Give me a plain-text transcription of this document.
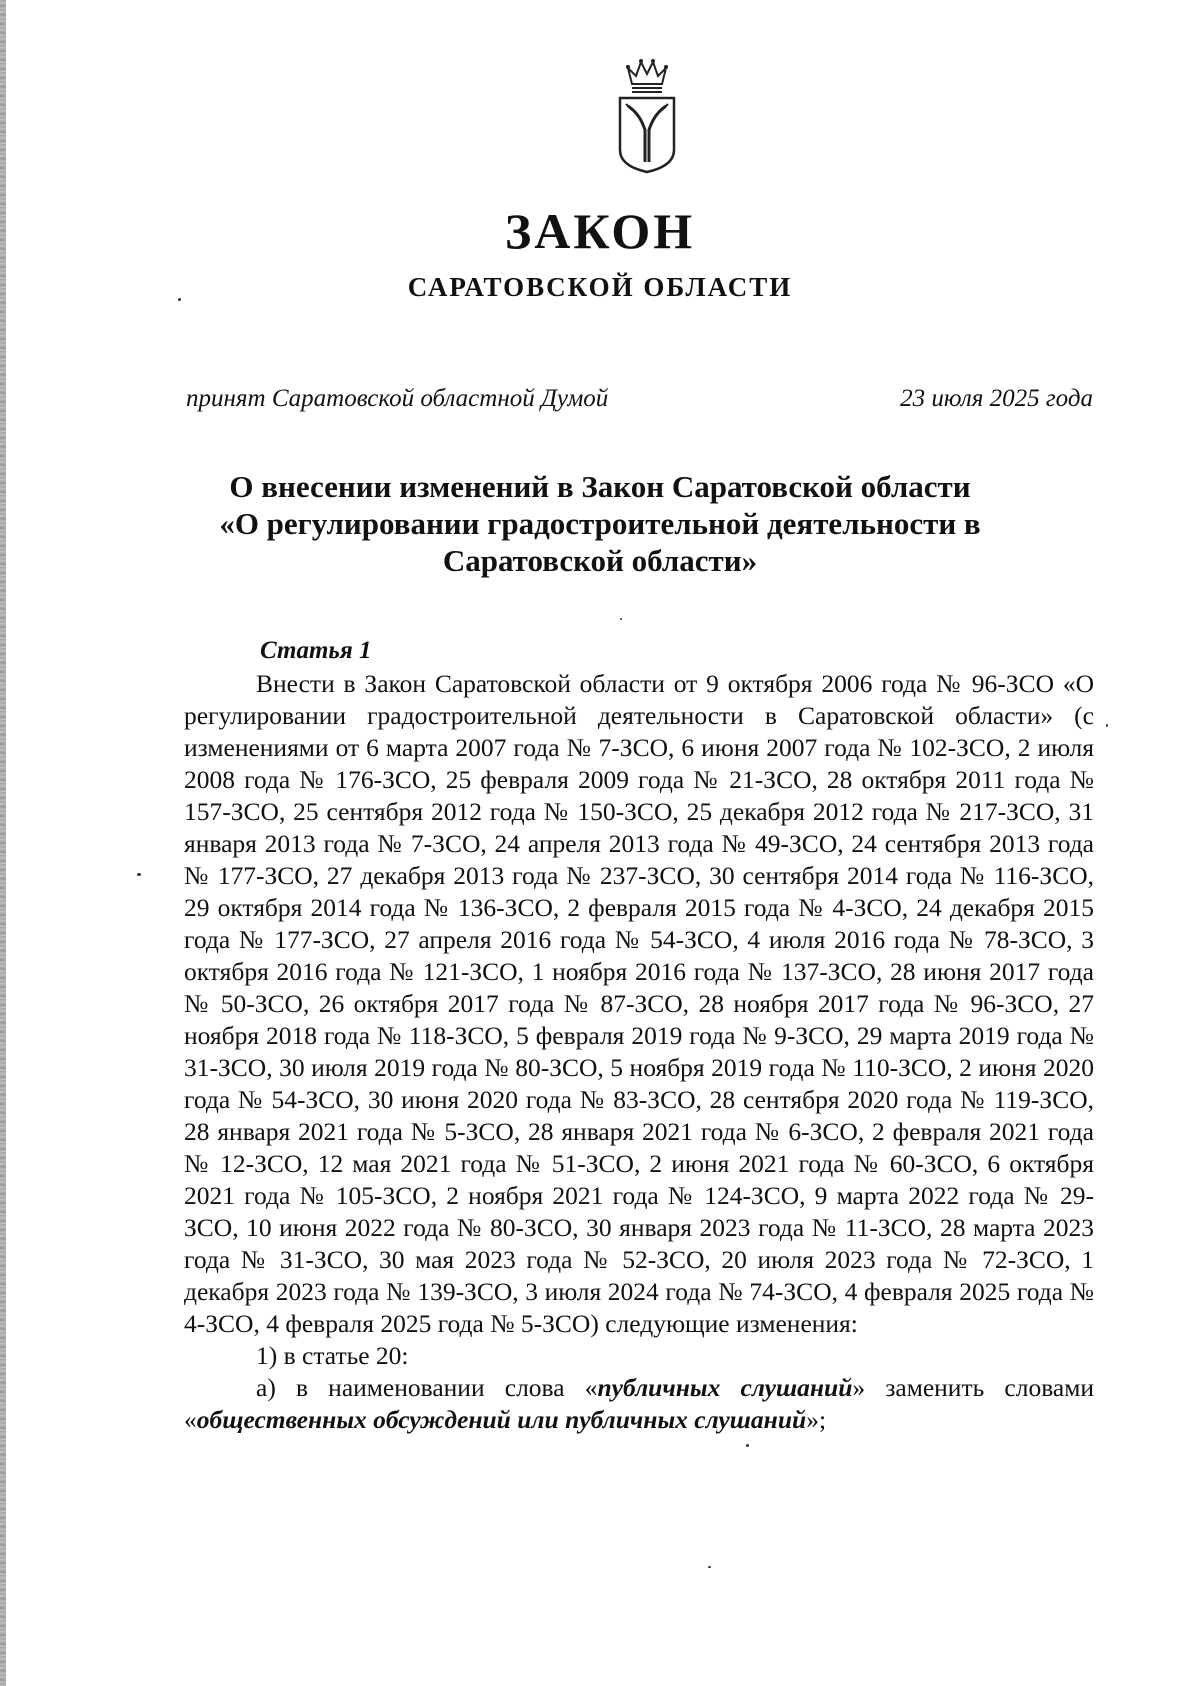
ЗАКОН
САРАТОВСКОЙ ОБЛАСТИ
принят Саратовской областной Думой	23 июля 2025 года
О внесении изменений в Закон Саратовской области
«О регулировании градостроительной деятельности в
Саратовской области»
Статья 1

Внести в Закон Саратовской области от 9 октября 2006 года № 96-ЗСО «О регулировании градостроительной деятельности в Саратовской области» (с изменениями от 6 марта 2007 года № 7-ЗСО, 6 июня 2007 года № 102-ЗСО, 2 июля 2008 года № 176-ЗСО, 25 февраля 2009 года № 21-ЗСО, 28 октября 2011 года № 157-ЗСО, 25 сентября 2012 года № 150-ЗСО, 25 декабря 2012 года № 217-ЗСО, 31 января 2013 года № 7-ЗСО, 24 апреля 2013 года № 49-ЗСО, 24 сентября 2013 года № 177-ЗСО, 27 декабря 2013 года № 237-ЗСО, 30 сентября 2014 года № 116-ЗСО, 29 октября 2014 года № 136-ЗСО, 2 февраля 2015 года № 4-ЗСО, 24 декабря 2015 года № 177-ЗСО, 27 апреля 2016 года № 54-ЗСО, 4 июля 2016 года № 78-ЗСО, 3 октября 2016 года № 121-ЗСО, 1 ноября 2016 года № 137-ЗСО, 28 июня 2017 года № 50-ЗСО, 26 октября 2017 года № 87-ЗСО, 28 ноября 2017 года № 96-ЗСО, 27 ноября 2018 года № 118-ЗСО, 5 февраля 2019 года № 9-ЗСО, 29 марта 2019 года № 31-ЗСО, 30 июля 2019 года № 80-ЗСО, 5 ноября 2019 года № 110-ЗСО, 2 июня 2020 года № 54-ЗСО, 30 июня 2020 года № 83-ЗСО, 28 сентября 2020 года № 119-ЗСО, 28 января 2021 года № 5-ЗСО, 28 января 2021 года № 6-ЗСО, 2 февраля 2021 года № 12-ЗСО, 12 мая 2021 года № 51-ЗСО, 2 июня 2021 года № 60-ЗСО, 6 октября 2021 года № 105-ЗСО, 2 ноября 2021 года № 124-ЗСО, 9 марта 2022 года № 29-ЗСО, 10 июня 2022 года № 80-ЗСО, 30 января 2023 года № 11-ЗСО, 28 марта 2023 года № 31-ЗСО, 30 мая 2023 года № 52-ЗСО, 20 июля 2023 года № 72-ЗСО, 1 декабря 2023 года № 139-ЗСО, 3 июля 2024 года № 74-ЗСО, 4 февраля 2025 года № 4-ЗСО, 4 февраля 2025 года № 5-ЗСО) следующие изменения:

1) в статье 20:

а) в наименовании слова «публичных слушаний» заменить словами «общественных обсуждений или публичных слушаний»;
